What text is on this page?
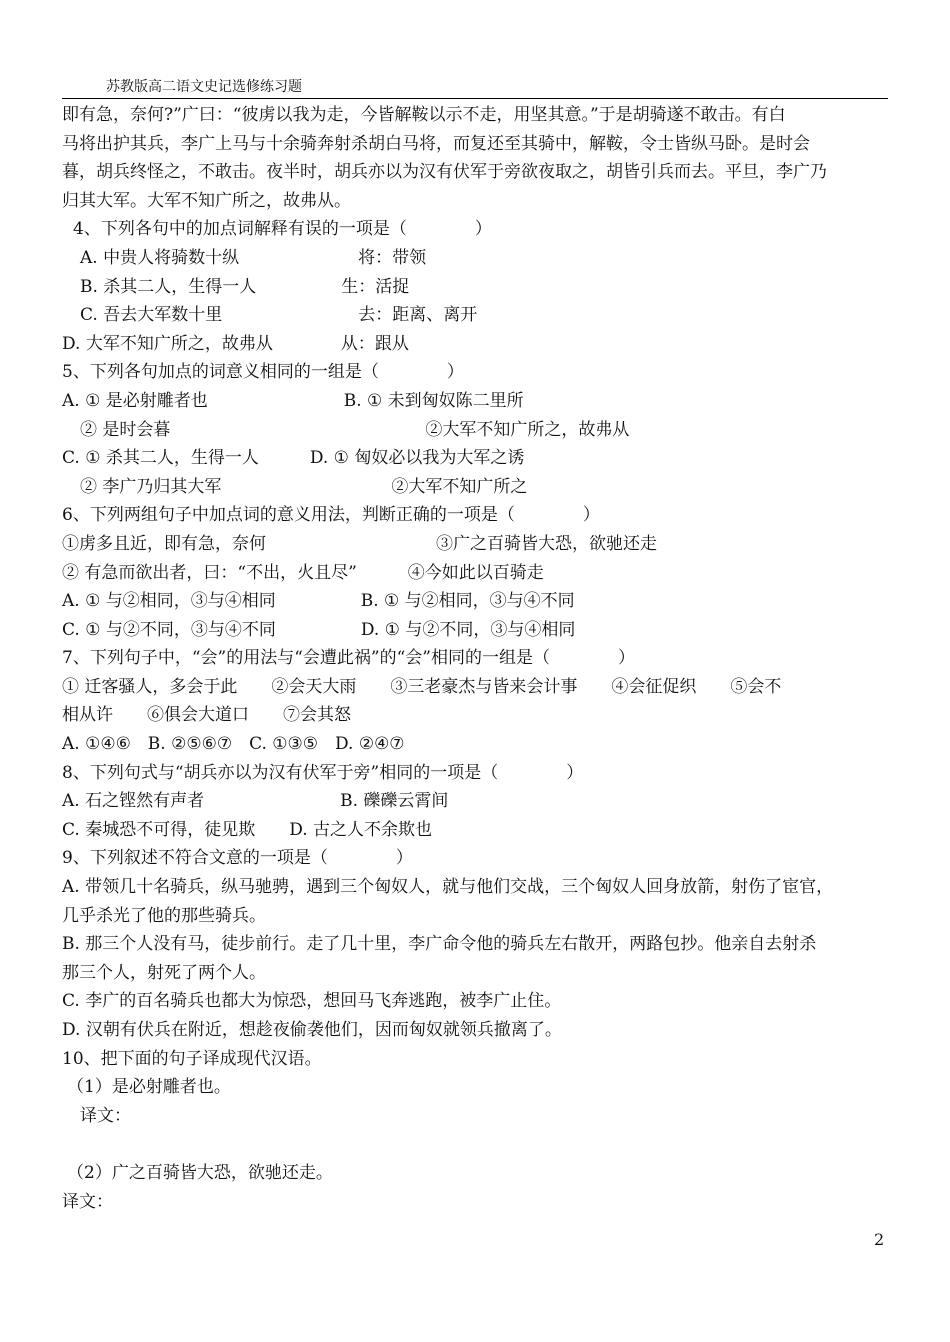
苏教版高二语文史记选修练习题
即有急，奈何?”广曰：“彼虏以我为走，今皆解鞍以示不走，用坚其意。”于是胡骑遂不敢击。有白
马将出护其兵，李广上马与十余骑奔射杀胡白马将，而复还至其骑中，解鞍，令士皆纵马卧。是时会
暮，胡兵终怪之，不敢击。夜半时，胡兵亦以为汉有伏军于旁欲夜取之，胡皆引兵而去。平旦，李广乃
归其大军。大军不知广所之，故弗从。
4、下列各句中的加点词解释有误的一项是（　　　　）
A. 中贵人将骑数十纵　　　　　　　将：带领
B. 杀其二人，生得一人　　　　　生：活捉
C. 吾去大军数十里　　　　　　　　去：距离、离开
D. 大军不知广所之，故弗从　　　　从：跟从
5、下列各句加点的词意义相同的一组是（　　　　）
A. ① 是必射雕者也　　　　　　　　B. ① 未到匈奴陈二里所
② 是时会暮　　　　　　　　　　　　　　　②大军不知广所之，故弗从
C. ① 杀其二人，生得一人　　　D. ① 匈奴必以我为大军之诱
② 李广乃归其大军　　　　　　　　　　②大军不知广所之
6、下列两组句子中加点词的意义用法，判断正确的一项是（　　　　）
①虏多且近，即有急，奈何　　　　　　　　　　③广之百骑皆大恐，欲驰还走
② 有急而欲出者，曰：“不出，火且尽”　　　④今如此以百骑走
A. ① 与②相同，③与④相同　　　　　B. ① 与②相同，③与④不同
C. ① 与②不同，③与④不同　　　　　D. ① 与②不同，③与④相同
7、下列句子中，“会”的用法与“会遭此祸”的“会”相同的一组是（　　　　）
① 迁客骚人，多会于此　　②会天大雨　　③三老豪杰与皆来会计事　　④会征促织　　⑤会不
相从许　　⑥俱会大道口　　⑦会其怒
A. ①④⑥　B. ②⑤⑥⑦　C. ①③⑤　D. ②④⑦
8、下列句式与“胡兵亦以为汉有伏军于旁”相同的一项是（　　　　）
A. 石之铿然有声者　　　　　　　　B. 礫礫云霄间
C. 秦城恐不可得，徒见欺　　D. 古之人不余欺也
9、下列叙述不符合文意的一项是（　　　　）
A. 带领几十名骑兵，纵马驰骋，遇到三个匈奴人，就与他们交战，三个匈奴人回身放箭，射伤了宦官，
几乎杀光了他的那些骑兵。
B. 那三个人没有马，徒步前行。走了几十里，李广命令他的骑兵左右散开，两路包抄。他亲自去射杀
那三个人，射死了两个人。
C. 李广的百名骑兵也都大为惊恐，想回马飞奔逃跑，被李广止住。
D. 汉朝有伏兵在附近，想趁夜偷袭他们，因而匈奴就领兵撤离了。
10、把下面的句子译成现代汉语。
（1）是必射雕者也。
译文：
（2）广之百骑皆大恐，欲驰还走。
译文：
2
